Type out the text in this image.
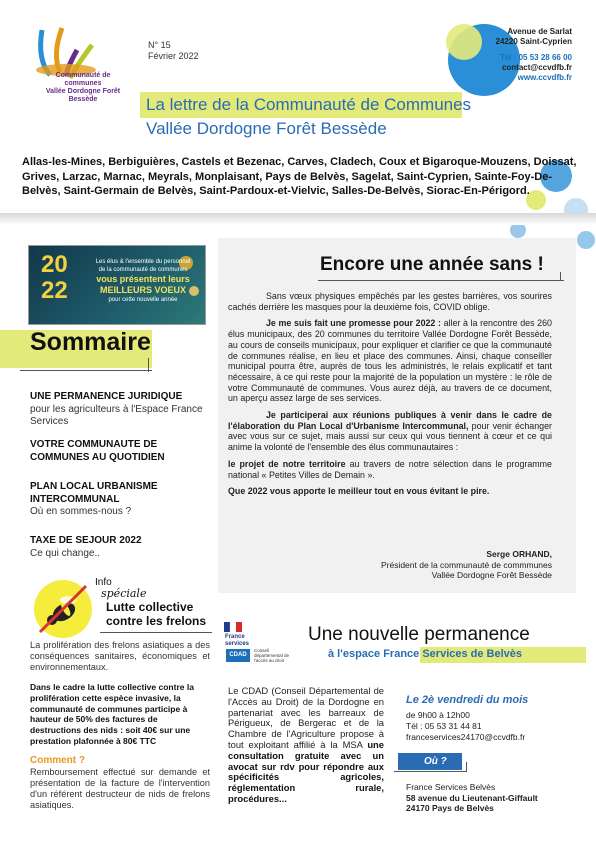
Communauté de communes
Vallée Dordogne Forêt Bessède
N° 15
Février 2022
Avenue de Sarlat
24220 Saint-Cyprien
Tél : 05 53 28 66 00
contact@ccvdfb.fr
www.ccvdfb.fr
La lettre de la Communauté de Communes
Vallée Dordogne Forêt Bessède
Allas-les-Mines, Berbiguières, Castels et Bezenac, Carves, Cladech, Coux et Bigaroque-Mouzens, Doissat, Grives, Larzac, Marnac, Meyrals, Monplaisant, Pays de Belvès, Sagelat, Saint-Cyprien, Sainte-Foy-De-Belvès, Saint-Germain de Belvès, Saint-Pardoux-et-Vielvic, Salles-De-Belvès, Siorac-En-Périgord.
20
22
Les élus & l'ensemble du personnel de la communauté de communes
vous présentent leurs MEILLEURS VOEUX
pour cette nouvelle année
Sommaire
UNE PERMANENCE JURIDIQUE
pour les agriculteurs à l'Espace France Services
VOTRE COMMUNAUTE DE COMMUNES AU QUOTIDIEN
PLAN LOCAL URBANISME INTERCOMMUNAL
Où en sommes-nous ?
TAXE DE SEJOUR 2022
Ce qui change..
Info
spéciale
Lutte collective
contre les frelons
La prolifération des frelons asiatiques a des conséquences sanitaires, économiques et environnementaux.
Dans le cadre la lutte collective contre la prolifération cette espèce invasive, la communauté de communes participe à hauteur de 50% des factures de destructions des nids : soit 40€ sur une prestation plafonnée à 80€ TTC
Comment ?
Remboursement effectué sur demande et présentation de la facture de l'intervention d'un référent destructeur de nids de frelons asiatiques.
Encore une année sans !

Sans vœux physiques empêchés par les gestes barrières, vos sourires cachés derrière les masques pour la deuxième fois, COVID oblige.

Je me suis fait une promesse pour 2022 : aller à la rencontre des 260 élus municipaux, des 20 communes du territoire Vallée Dordogne Forêt Bessède, au cours de conseils municipaux, pour expliquer et clarifier ce que la communauté de communes réalise, en lieu et place des communes. Ainsi, chaque conseiller municipal pourra être, auprès de tous les administrés, le relais explicatif et tant nécessaire, à ce qui reste pour la majorité de la population un mystère : le rôle de votre Communauté de communes. Vous aurez déjà, au travers de ce document, un aperçu assez large de ses services.

Je participerai aux réunions publiques à venir dans le cadre de l'élaboration du Plan Local d'Urbanisme Intercommunal, pour venir échanger avec vous sur ce sujet, mais aussi sur ceux qui vous tiennent à cœur et ce qui anime la volonté de l'ensemble des élus communautaires :

le projet de notre territoire au travers de notre sélection dans le programme national « Petites Villes de Demain ».

Que 2022 vous apporte le meilleur tout en vous évitant le pire.

Serge ORHAND,
Président de la communauté de commmunes
Vallée Dordogne Forêt Bessède
France services
CDAD
Conseil départemental de l'accès au droit
Une nouvelle permanence
à l'espace France Services de Belvès
Le CDAD (Conseil Départemental de l'Accès au Droit) de la Dordogne en partenariat avec les barreaux de Périgueux, de Bergerac et de la Chambre de l'Agriculture propose à tout exploitant affilié à la MSA une consultation gratuite avec un avocat sur rdv pour répondre aux spécificités agricoles, réglementation rurale, procédures...
Le 2è vendredi du mois
de 9h00 à 12h00
Tél : 05 53 31 44 81
franceservices24170@ccvdfb.fr
Où ?
France Services Belvès
58 avenue du Lieutenant-Giffault
24170 Pays de Belvès
